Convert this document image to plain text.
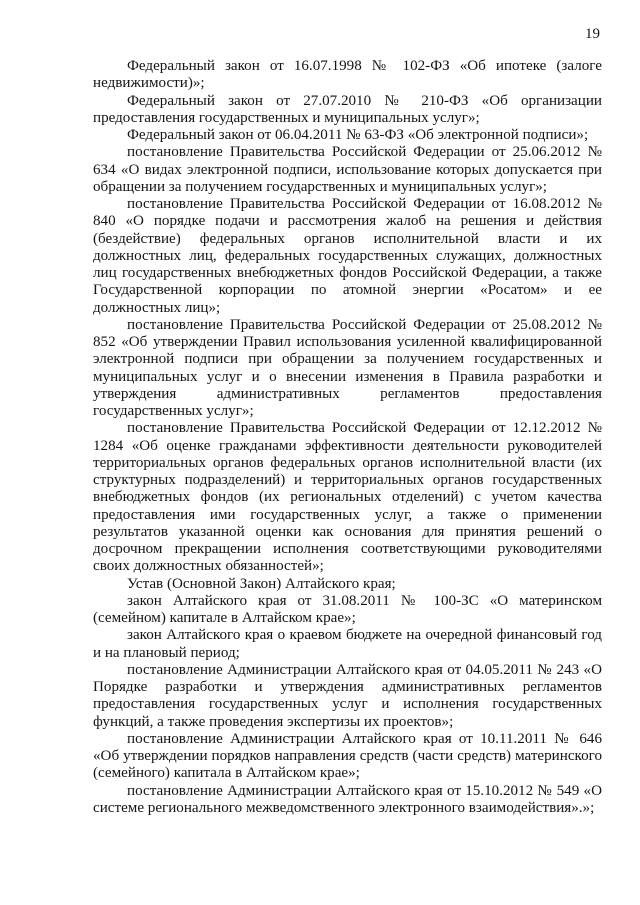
19

Федеральный закон от 16.07.1998 № 102-ФЗ «Об ипотеке (залоге недвижимости)»;

Федеральный закон от 27.07.2010 № 210-ФЗ «Об организации предоставления государственных и муниципальных услуг»;

Федеральный закон от 06.04.2011 № 63-ФЗ «Об электронной подписи»;

постановление Правительства Российской Федерации от 25.06.2012 № 634 «О видах электронной подписи, использование которых допускается при обращении за получением государственных и муниципальных услуг»;

постановление Правительства Российской Федерации от 16.08.2012 № 840 «О порядке подачи и рассмотрения жалоб на решения и действия (бездействие) федеральных органов исполнительной власти и их должностных лиц, федеральных государственных служащих, должностных лиц государственных внебюджетных фондов Российской Федерации, а также Государственной корпорации по атомной энергии «Росатом» и ее должностных лиц»;

постановление Правительства Российской Федерации от 25.08.2012 № 852 «Об утверждении Правил использования усиленной квалифицированной электронной подписи при обращении за получением государственных и муниципальных услуг и о внесении изменения в Правила разработки и утверждения административных регламентов предоставления государственных услуг»;

постановление Правительства Российской Федерации от 12.12.2012 № 1284 «Об оценке гражданами эффективности деятельности руководителей территориальных органов федеральных органов исполнительной власти (их структурных подразделений) и территориальных органов государственных внебюджетных фондов (их региональных отделений) с учетом качества предоставления ими государственных услуг, а также о применении результатов указанной оценки как основания для принятия решений о досрочном прекращении исполнения соответствующими руководителями своих должностных обязанностей»;

Устав (Основной Закон) Алтайского края;

закон Алтайского края от 31.08.2011 № 100-ЗС «О материнском (семейном) капитале в Алтайском крае»;

закон Алтайского края о краевом бюджете на очередной финансовый год и на плановый период;

постановление Администрации Алтайского края от 04.05.2011 № 243 «О Порядке разработки и утверждения административных регламентов предоставления государственных услуг и исполнения государственных функций, а также проведения экспертизы их проектов»;

постановление Администрации Алтайского края от 10.11.2011 № 646 «Об утверждении порядков направления средств (части средств) материнского (семейного) капитала в Алтайском крае»;

постановление Администрации Алтайского края от 15.10.2012 № 549 «О системе регионального межведомственного электронного взаимодействия».»;
